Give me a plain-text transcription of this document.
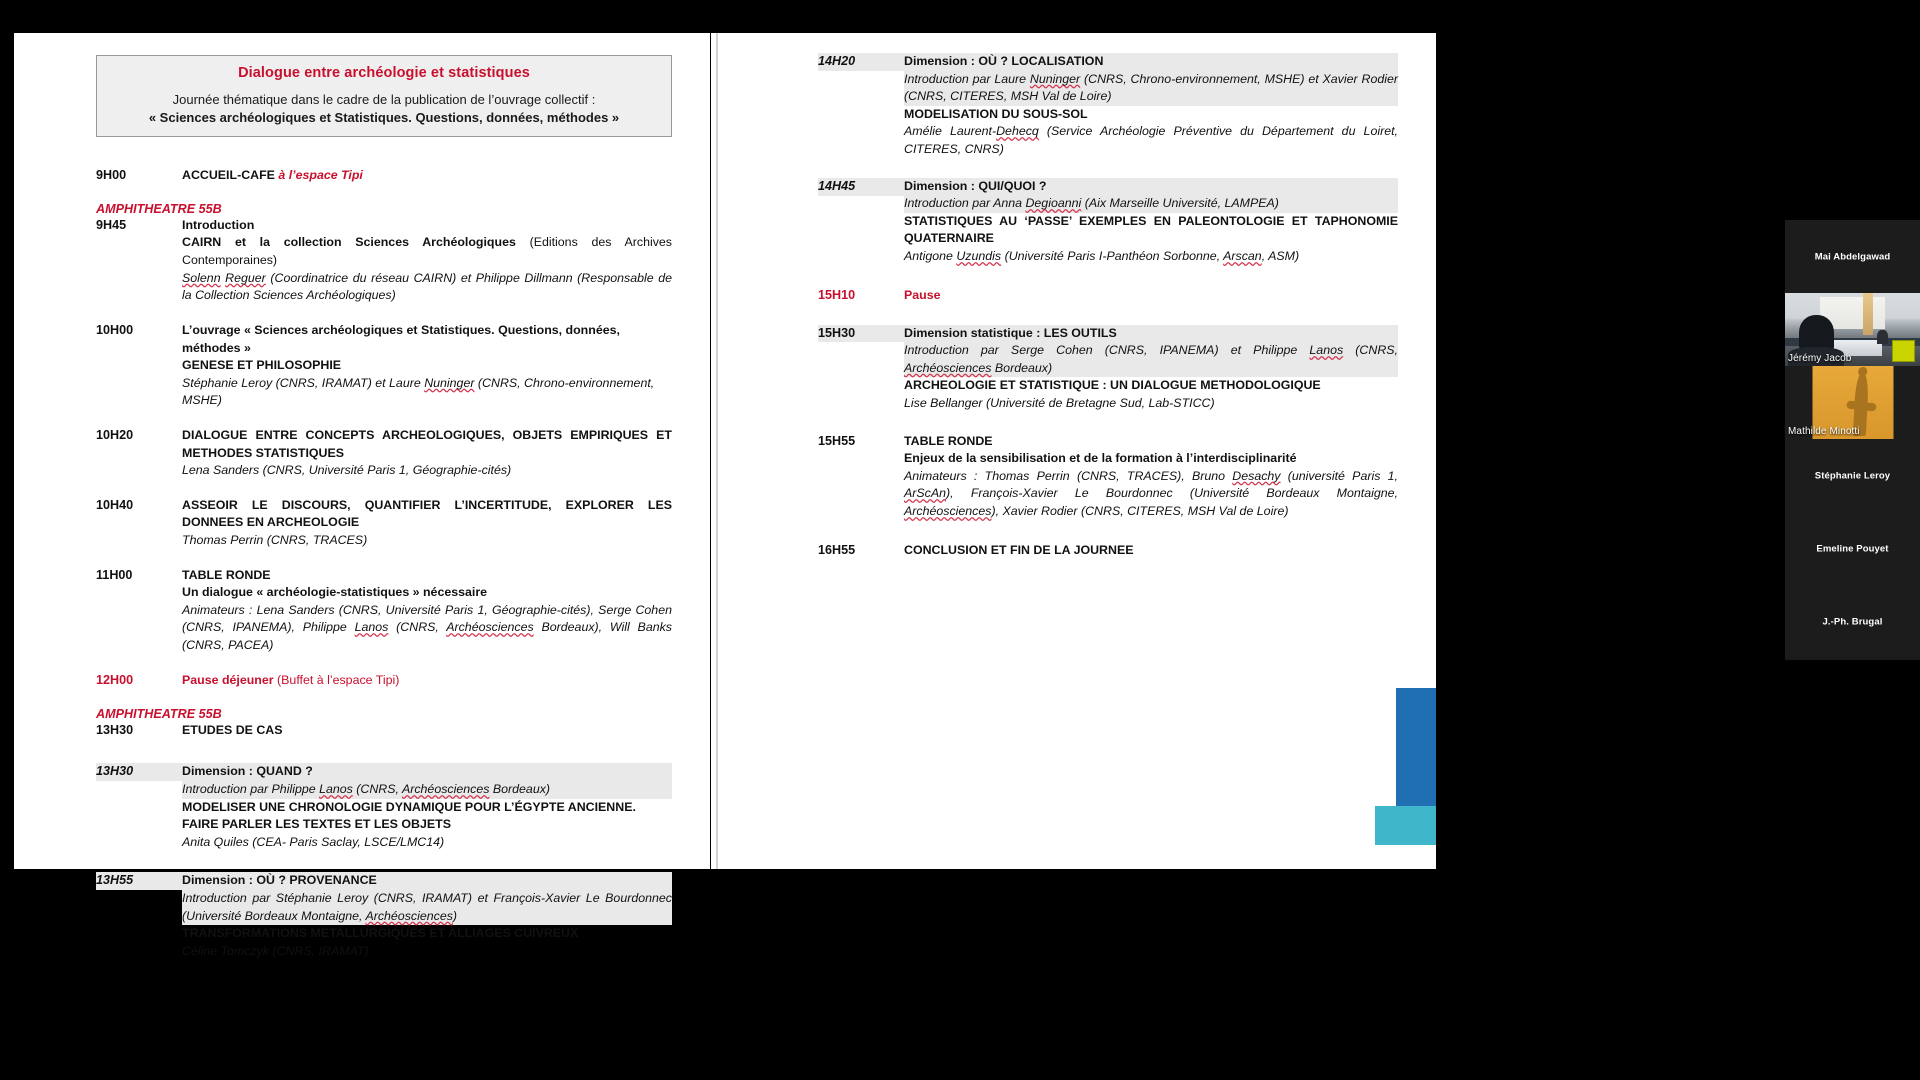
Dialogue entre archéologie et statistiques
Journée thématique dans le cadre de la publication de l’ouvrage collectif :
« Sciences archéologiques et Statistiques. Questions, données, méthodes »
9H00	ACCUEIL-CAFE à l’espace Tipi
AMPHITHEATRE 55B
9H45	Introduction
CAIRN et la collection Sciences Archéologiques (Editions des Archives Contemporaines)
Solenn Reguer (Coordinatrice du réseau CAIRN) et Philippe Dillmann (Responsable de la Collection Sciences Archéologiques)
10H00	L’ouvrage « Sciences archéologiques et Statistiques. Questions, données, méthodes »
GENESE ET PHILOSOPHIE
Stéphanie Leroy (CNRS, IRAMAT) et Laure Nuninger (CNRS, Chrono-environnement, MSHE)
10H20	DIALOGUE ENTRE CONCEPTS ARCHEOLOGIQUES, OBJETS EMPIRIQUES ET METHODES STATISTIQUES
Lena Sanders (CNRS, Université Paris 1, Géographie-cités)
10H40	ASSEOIR LE DISCOURS, QUANTIFIER L’INCERTITUDE, EXPLORER LES DONNEES EN ARCHEOLOGIE
Thomas Perrin (CNRS, TRACES)
11H00	TABLE RONDE
Un dialogue « archéologie-statistiques » nécessaire
Animateurs : Lena Sanders (CNRS, Université Paris 1, Géographie-cités), Serge Cohen (CNRS, IPANEMA), Philippe Lanos (CNRS, Archéosciences Bordeaux), Will Banks (CNRS, PACEA)
12H00	Pause déjeuner (Buffet à l’espace Tipi)
AMPHITHEATRE 55B
13H30	ETUDES DE CAS
13H30	Dimension : QUAND ?
Introduction par Philippe Lanos (CNRS, Archéosciences Bordeaux)
MODELISER UNE CHRONOLOGIE DYNAMIQUE POUR L’ÉGYPTE ANCIENNE. FAIRE PARLER LES TEXTES ET LES OBJETS
Anita Quiles (CEA- Paris Saclay, LSCE/LMC14)
13H55	Dimension : OÙ ? PROVENANCE
Introduction par Stéphanie Leroy (CNRS, IRAMAT) et François-Xavier Le Bourdonnec (Université Bordeaux Montaigne, Archéosciences)
TRANSFORMATIONS METALLURGIQUES ET ALLIAGES CUIVREUX
Céline Tomczyk (CNRS, IRAMAT)
14H20	Dimension : OÙ ? LOCALISATION
Introduction par Laure Nuninger (CNRS, Chrono-environnement, MSHE) et Xavier Rodier (CNRS, CITERES, MSH Val de Loire)
MODELISATION DU SOUS-SOL
Amélie Laurent-Dehecq (Service Archéologie Préventive du Département du Loiret, CITERES, CNRS)
14H45	Dimension : QUI/QUOI ?
Introduction par Anna Degioanni (Aix Marseille Université, LAMPEA)
STATISTIQUES AU ‘PASSE’ EXEMPLES EN PALEONTOLOGIE ET TAPHONOMIE QUATERNAIRE
Antigone Uzundis (Université Paris I-Panthéon Sorbonne, Arscan, ASM)
15H10	Pause
15H30	Dimension statistique : LES OUTILS
Introduction par Serge Cohen (CNRS, IPANEMA) et Philippe Lanos (CNRS, Archéosciences Bordeaux)
ARCHEOLOGIE ET STATISTIQUE : UN DIALOGUE METHODOLOGIQUE
Lise Bellanger (Université de Bretagne Sud, Lab-STICC)
15H55	TABLE RONDE
Enjeux de la sensibilisation et de la formation à l’interdisciplinarité
Animateurs : Thomas Perrin (CNRS, TRACES), Bruno Desachy (université Paris 1, ArScAn), François-Xavier Le Bourdonnec (Université Bordeaux Montaigne, Archéosciences), Xavier Rodier (CNRS, CITERES, MSH Val de Loire)
16H55	CONCLUSION ET FIN DE LA JOURNEE
Mai Abdelgawad
Jérémy Jacob
Mathilde Minotti
Stéphanie Leroy
Emeline Pouyet
J.-Ph. Brugal
